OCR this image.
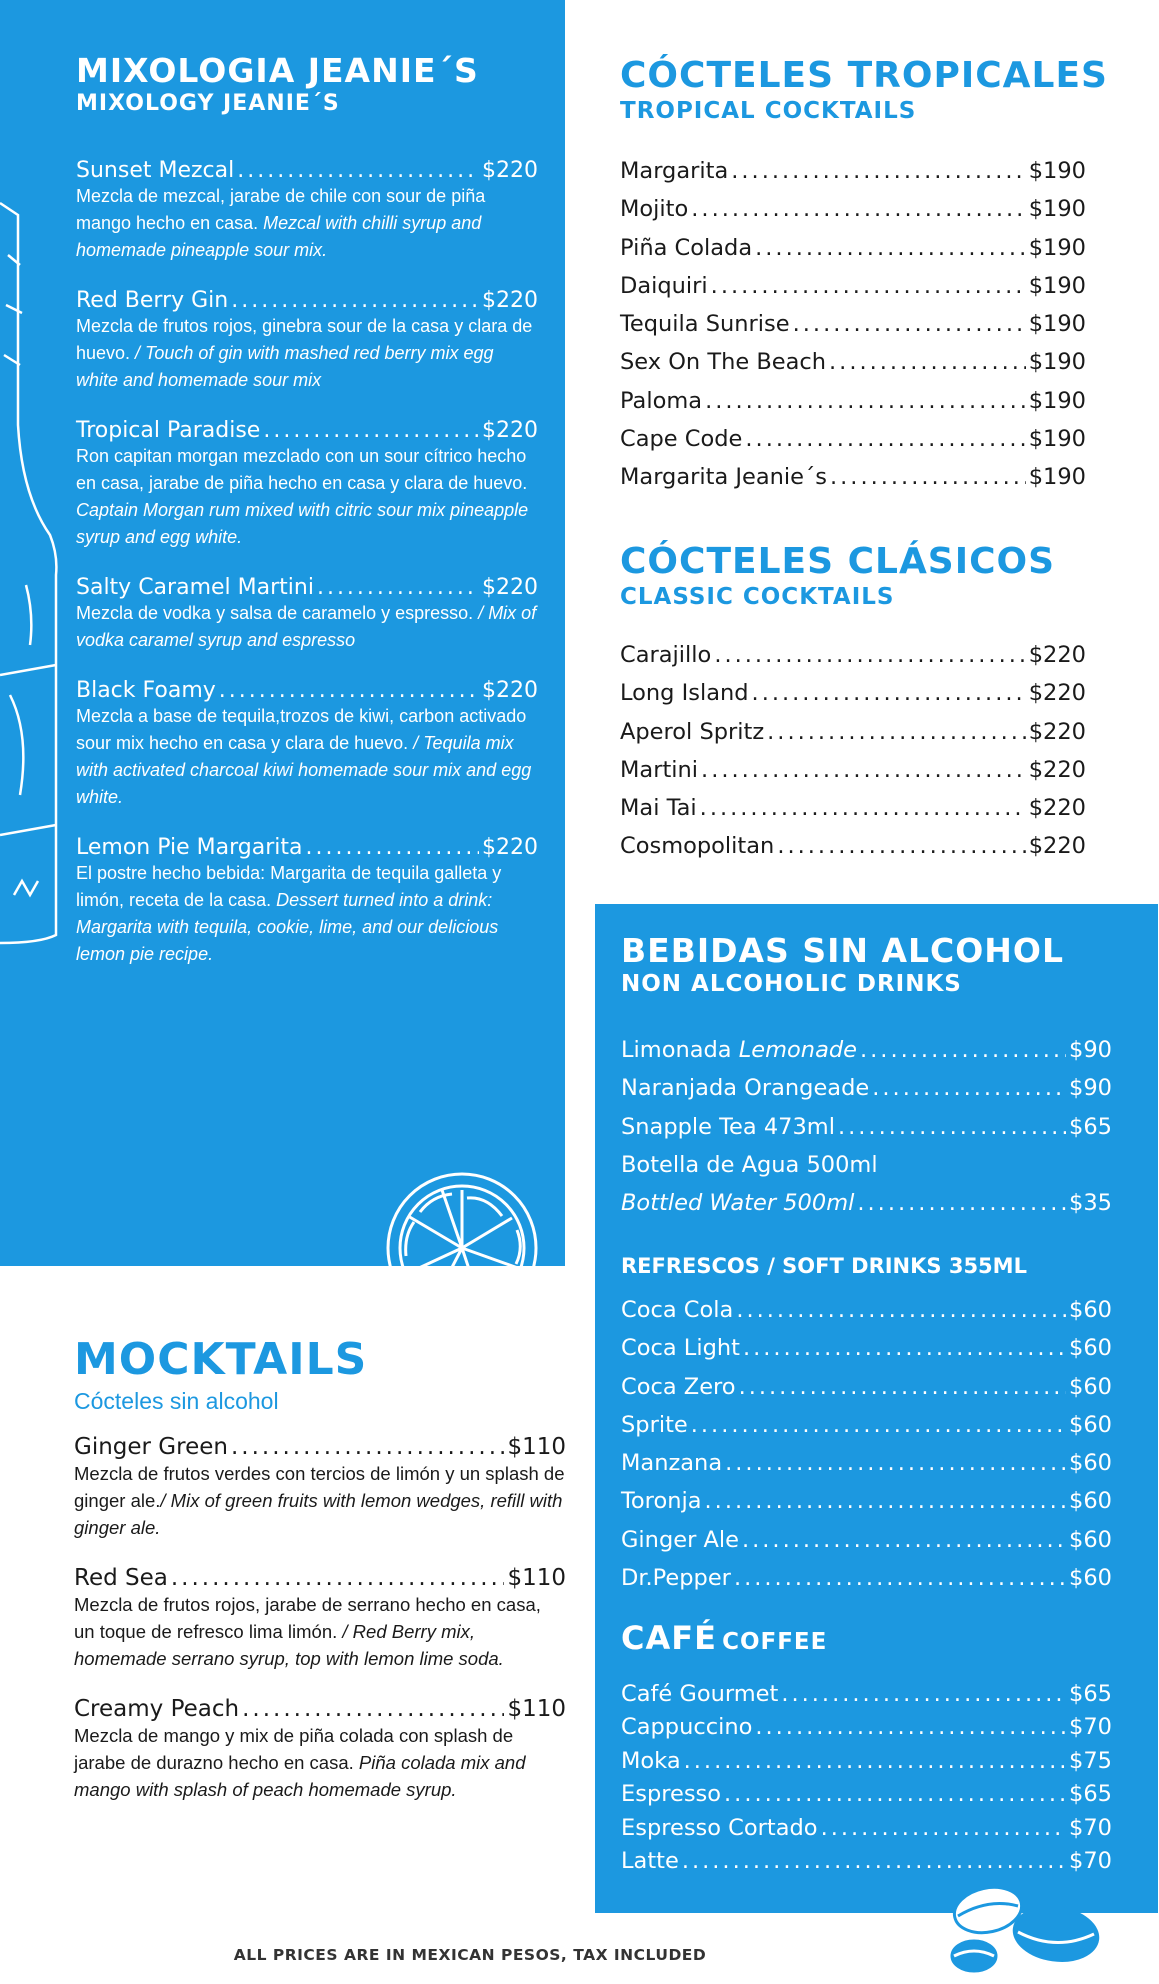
MIXOLOGIA JEANIE´S
MIXOLOGY JEANIE´S
Sunset Mezcal .....	$220
Mezcla de mezcal, jarabe de chile con sour de piña mango hecho en casa. Mezcal with chilli syrup and homemade pineapple sour mix.
Red Berry Gin .....	$220
Mezcla de frutos rojos, ginebra sour de la casa y clara de huevo. / Touch of gin with mashed red berry mix egg white and homemade sour mix
Tropical Paradise .....	$220
Ron capitan morgan mezclado con un sour cítrico hecho en casa, jarabe de piña hecho en casa y clara de huevo. Captain Morgan rum mixed with citric sour mix pineapple syrup and egg white.
Salty Caramel Martini .....	$220
Mezcla de vodka y salsa de caramelo y espresso. / Mix of vodka caramel syrup and espresso
Black Foamy .....	$220
Mezcla a base de tequila,trozos de kiwi, carbon activado sour mix hecho en casa y clara de huevo. / Tequila mix with activated charcoal kiwi homemade sour mix and egg white.
Lemon Pie Margarita .....	$220
El postre hecho bebida: Margarita de tequila galleta y limón, receta de la casa. Dessert turned into a drink: Margarita with tequila, cookie, lime, and our delicious lemon pie recipe.
MOCKTAILS
Cócteles sin alcohol
Ginger Green .....	$110
Mezcla de frutos verdes con tercios de limón y un splash de ginger ale./ Mix of green fruits with lemon wedges, refill with ginger ale.
Red Sea .....	$110
Mezcla de frutos rojos, jarabe de serrano hecho en casa, un toque de refresco lima limón. / Red Berry mix, homemade serrano syrup, top with lemon lime soda.
Creamy Peach .....	$110
Mezcla de mango y mix de piña colada con splash de jarabe de durazno hecho en casa. Piña colada mix and mango with splash of peach homemade syrup.
CÓCTELES TROPICALES
TROPICAL COCKTAILS
Margarita .....	$190
Mojito .....	$190
Piña Colada .....	$190
Daiquiri .....	$190
Tequila Sunrise .....	$190
Sex On The Beach .....	$190
Paloma .....	$190
Cape Code .....	$190
Margarita Jeanie´s .....	$190
CÓCTELES CLÁSICOS
CLASSIC COCKTAILS
Carajillo .....	$220
Long Island .....	$220
Aperol Spritz .....	$220
Martini .....	$220
Mai Tai .....	$220
Cosmopolitan .....	$220
BEBIDAS SIN ALCOHOL
NON ALCOHOLIC DRINKS
Limonada Lemonade .....	$90
Naranjada Orangeade .....	$90
Snapple Tea 473ml .....	$65
Botella de Agua 500ml
Bottled Water 500ml .....	$35
REFRESCOS / SOFT DRINKS 355ML
Coca Cola .....	$60
Coca Light .....	$60
Coca Zero .....	$60
Sprite .....	$60
Manzana .....	$60
Toronja .....	$60
Ginger Ale .....	$60
Dr.Pepper .....	$60
CAFÉ COFFEE
Café Gourmet .....	$65
Cappuccino .....	$70
Moka .....	$75
Espresso .....	$65
Espresso Cortado .....	$70
Latte .....	$70
ALL PRICES ARE IN MEXICAN PESOS, TAX INCLUDED
